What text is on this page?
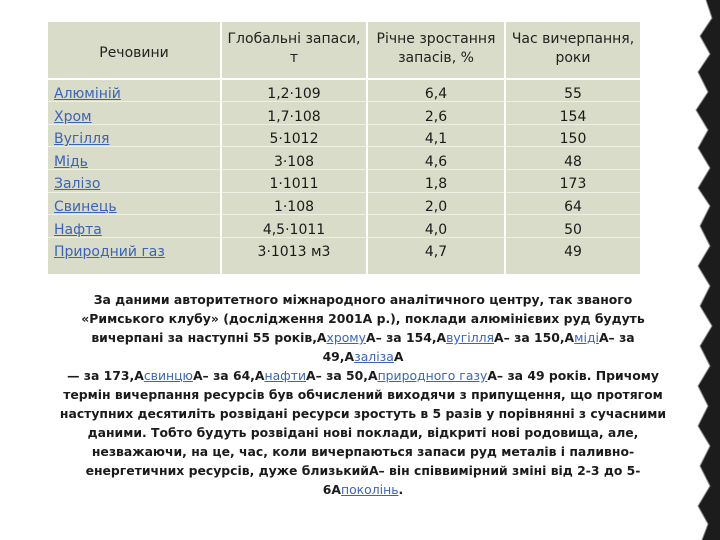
Речовини
Глобальні запаси,
т
Річне зростання
запасів, %
Час вичерпання,
роки
Алюміній
Хром
Вугілля
Мідь
Залізо
Свинець
Нафта
Природний газ
1,2·109
1,7·108
5·1012
3·108
1·1011
1·108
4,5·1011
3·1013 м3
6,4
2,6
4,1
4,6
1,8
2,0
4,0
4,7
55
154
150
48
173
64
50
49
За даними авторитетного міжнародного аналітичного центру, так званого
«Римського клубу» (дослідження 2001А р.), поклади алюмінієвих руд будуть
вичерпані за наступні 55 років,АхромуА– за 154,АвугілляА– за 150,АмідіА– за 49,АзалізаА
— за 173,АсвинцюА– за 64,АнафтиА– за 50,Априродного газуА– за 49 років. Причому
термін вичерпання ресурсів був обчислений виходячи з припущення, що протягом
наступних десятиліть розвідані ресурси зростуть в 5 разів у порівнянні з сучасними
даними. Тобто будуть розвідані нові поклади, відкриті нові родовища, але,
незважаючи, на це, час, коли вичерпаються запаси руд металів і паливно-
енергетичних ресурсів, дуже близькийА– він співвимірний зміні від 2-3 до 5-
6Апоколінь.
